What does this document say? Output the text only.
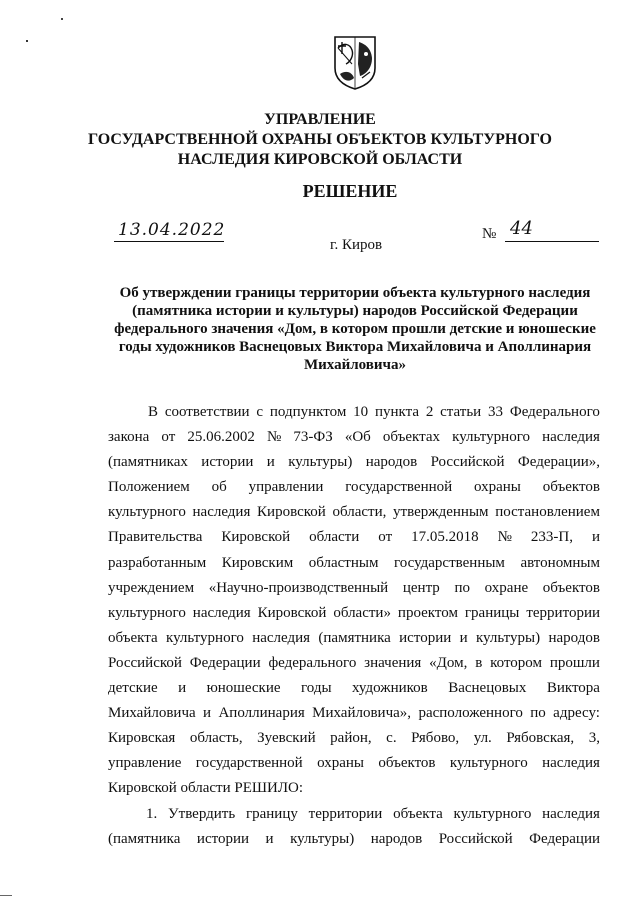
УПРАВЛЕНИЕ
ГОСУДАРСТВЕННОЙ ОХРАНЫ ОБЪЕКТОВ КУЛЬТУРНОГО
НАСЛЕДИЯ КИРОВСКОЙ ОБЛАСТИ
РЕШЕНИЕ
13.04.2022	№ 44
г. Киров
Об утверждении границы территории объекта культурного наследия
(памятника истории и культуры) народов Российской Федерации
федерального значения «Дом, в котором прошли детские и юношеские
годы художников Васнецовых Виктора Михайловича и Аполлинария
Михайловича»
В соответствии с подпунктом 10 пункта 2 статьи 33 Федерального
закона от 25.06.2002 № 73-ФЗ «Об объектах культурного наследия
(памятниках истории и культуры) народов Российской Федерации»,
Положением об управлении государственной охраны объектов
культурного наследия Кировской области, утвержденным постановлением
Правительства Кировской области от 17.05.2018 № 233-П, и
разработанным Кировским областным государственным автономным
учреждением «Научно-производственный центр по охране объектов
культурного наследия Кировской области» проектом границы территории
объекта культурного наследия (памятника истории и культуры) народов
Российской Федерации федерального значения «Дом, в котором прошли
детские и юношеские годы художников Васнецовых Виктора
Михайловича и Аполлинария Михайловича», расположенного по адресу:
Кировская область, Зуевский район, с. Рябово, ул. Рябовская, 3,
управление государственной охраны объектов культурного наследия
Кировской области РЕШИЛО:
1. Утвердить границу территории объекта культурного наследия
(памятника истории и культуры) народов Российской Федерации
